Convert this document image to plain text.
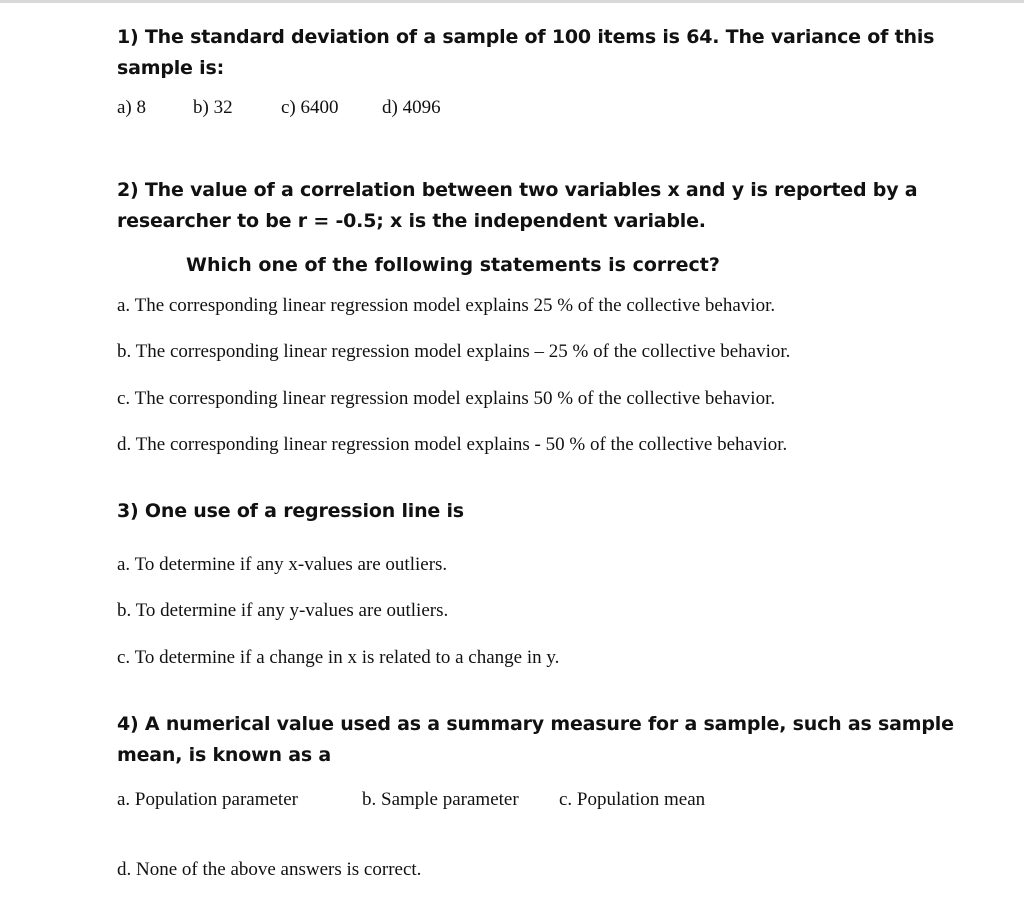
1) The standard deviation of a sample of 100 items is 64. The variance of this

sample is:

a) 8	b) 32	c) 6400	d) 4096

2) The value of a correlation between two variables x and y is reported by a

researcher to be r = -0.5; x is the independent variable.

Which one of the following statements is correct?

a. The corresponding linear regression model explains 25 % of the collective behavior.

b. The corresponding linear regression model explains – 25 % of the collective behavior.

c. The corresponding linear regression model explains 50 % of the collective behavior.

d. The corresponding linear regression model explains - 50 % of the collective behavior.

3) One use of a regression line is

a. To determine if any x-values are outliers.

b. To determine if any y-values are outliers.

c. To determine if a change in x is related to a change in y.

4) A numerical value used as a summary measure for a sample, such as sample

mean, is known as a

a. Population parameter	b. Sample parameter	c. Population mean

d. None of the above answers is correct.
